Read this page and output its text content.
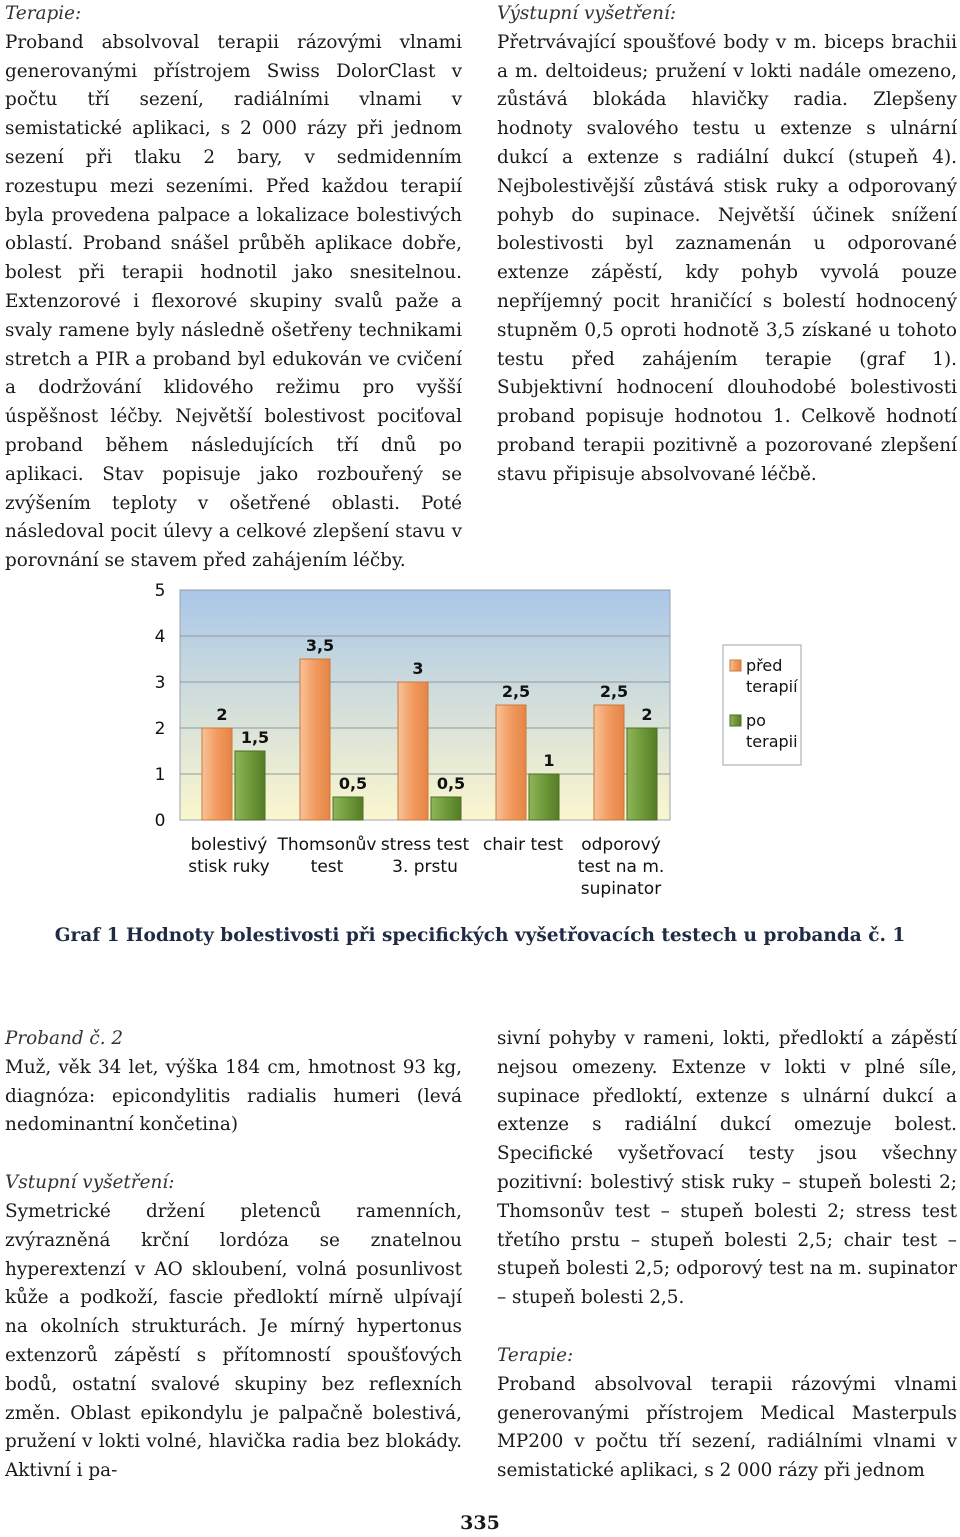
Terapie:

Proband absolvoval terapii rázovými vlnami generovanými přístrojem Swiss DolorClast v počtu tří sezení, radiálními vlnami v semistatické aplikaci, s 2 000 rázy při jednom sezení při tlaku 2 bary, v sedmidenním rozestupu mezi sezeními. Před každou terapií byla provedena palpace a lokalizace bolestivých oblastí. Proband snášel průběh aplikace dobře, bolest při terapii hodnotil jako snesitelnou. Extenzorové i flexorové skupiny svalů paže a svaly ramene byly následně ošetřeny technikami stretch a PIR a proband byl edukován ve cvičení a dodržování klidového režimu pro vyšší úspěšnost léčby. Největší bolestivost pociťoval proband během následujících tří dnů po aplikaci. Stav popisuje jako rozbouřený se zvýšením teploty v ošetřené oblasti. Poté následoval pocit úlevy a celkové zlepšení stavu v porovnání se stavem před zahájením léčby.

Výstupní vyšetření:

Přetrvávající spoušťové body v m. biceps brachii a m. deltoideus; pružení v lokti nadále omezeno, zůstává blokáda hlavičky radia. Zlepšeny hodnoty svalového testu u extenze s ulnární dukcí a extenze s radiální dukcí (stupeň 4). Nejbolestivější zůstává stisk ruky a odporovaný pohyb do supinace. Největší účinek snížení bolestivosti byl zaznamenán u odporované extenze zápěstí, kdy pohyb vyvolá pouze nepříjemný pocit hraničící s bolestí hodnocený stupněm 0,5 oproti hodnotě 3,5 získané u tohoto testu před zahájením terapie (graf 1). Subjektivní hodnocení dlouhodobé bolestivosti proband popisuje hodnotou 1. Celkově hodnotí proband terapii pozitivně a pozorované zlepšení stavu připisuje absolvované léčbě.

0
1
2
3
4
5
2
3,5
3
2,5	2,5
1,5
0,5	0,5
1
2
bolestivý
stisk ruky
Thomsonův
test
stress test
3. prstu
chair test odporový
test na m.
supinator
před
terapií
po
terapii
Graf 1 Hodnoty bolestivosti při specifických vyšetřovacích testech u probanda č. 1
Proband č. 2

Muž, věk 34 let, výška 184 cm, hmotnost 93 kg, diagnóza: epicondylitis radialis humeri (levá nedominantní končetina)

Vstupní vyšetření:

Symetrické držení pletenců ramenních, zvýrazněná krční lordóza se znatelnou hyperextenzí v AO skloubení, volná posunlivost kůže a podkoží, fascie předloktí mírně ulpívají na okolních strukturách. Je mírný hypertonus extenzorů zápěstí s přítomností spoušťových bodů, ostatní svalové skupiny bez reflexních změn. Oblast epikondylu je palpačně bolestivá, pružení v lokti volné, hlavička radia bez blokády. Aktivní i pa-

sivní pohyby v rameni, lokti, předloktí a zápěstí nejsou omezeny. Extenze v lokti v plné síle, supinace předloktí, extenze s ulnární dukcí a extenze s radiální dukcí omezuje bolest. Specifické vyšetřovací testy jsou všechny pozitivní: bolestivý stisk ruky – stupeň bolesti 2; Thomsonův test – stupeň bolesti 2; stress test třetího prstu – stupeň bolesti 2,5; chair test – stupeň bolesti 2,5; odporový test na m. supinator – stupeň bolesti 2,5.

Terapie:

Proband absolvoval terapii rázovými vlnami generovanými přístrojem Medical Masterpuls MP200 v počtu tří sezení, radiálními vlnami v semistatické aplikaci, s 2 000 rázy při jednom

335
